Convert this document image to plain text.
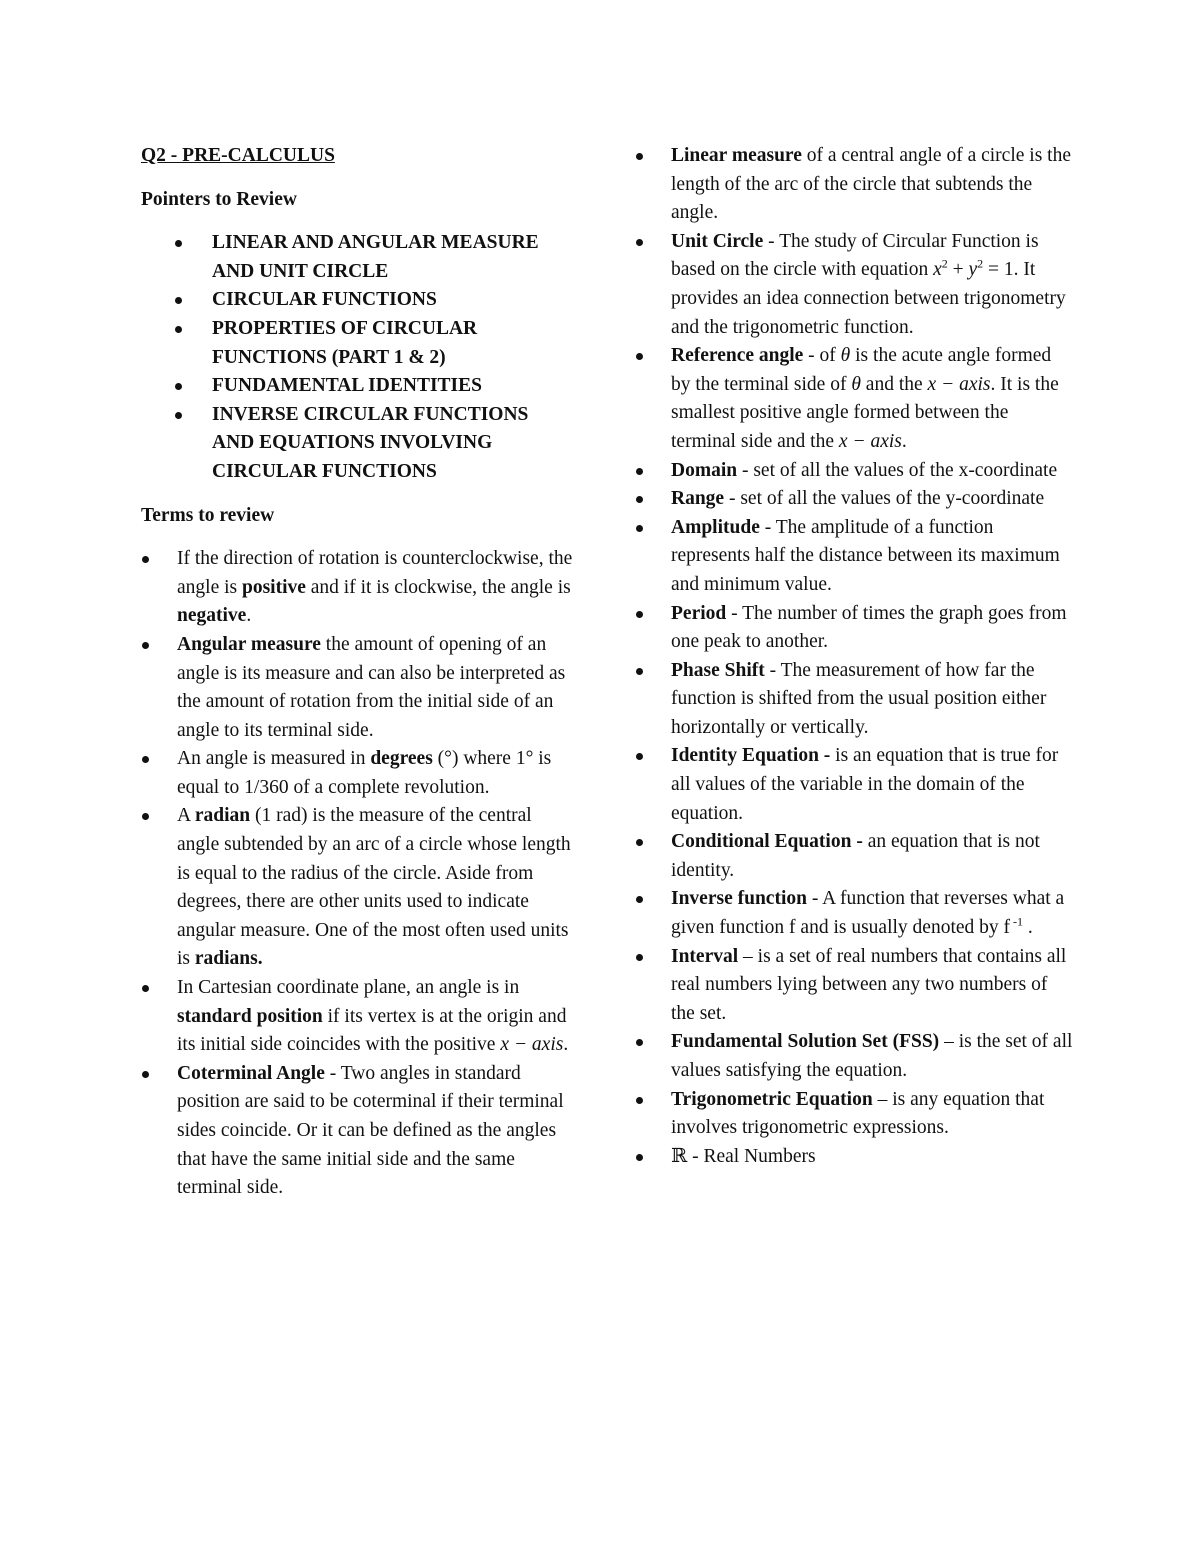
Q2 - PRE-CALCULUS

Pointers to Review

LINEAR AND ANGULAR MEASURE AND UNIT CIRCLE
CIRCULAR FUNCTIONS
PROPERTIES OF CIRCULAR FUNCTIONS (PART 1 & 2)
FUNDAMENTAL IDENTITIES
INVERSE CIRCULAR FUNCTIONS AND EQUATIONS INVOLVING CIRCULAR FUNCTIONS

Terms to review

If the direction of rotation is counterclockwise, the angle is positive and if it is clockwise, the angle is negative.
Angular measure the amount of opening of an angle is its measure and can also be interpreted as the amount of rotation from the initial side of an angle to its terminal side.
An angle is measured in degrees (°) where 1° is equal to 1/360 of a complete revolution.
A radian (1 rad) is the measure of the central angle subtended by an arc of a circle whose length is equal to the radius of the circle. Aside from degrees, there are other units used to indicate angular measure. One of the most often used units is radians.
In Cartesian coordinate plane, an angle is in standard position if its vertex is at the origin and its initial side coincides with the positive x − axis.
Coterminal Angle - Two angles in standard position are said to be coterminal if their terminal sides coincide. Or it can be defined as the angles that have the same initial side and the same terminal side.
Linear measure of a central angle of a circle is the length of the arc of the circle that subtends the angle.
Unit Circle - The study of Circular Function is based on the circle with equation $x^2 + y^2 = 1$. It provides an idea connection between trigonometry and the trigonometric function.
Reference angle - of θ is the acute angle formed by the terminal side of θ and the x − axis. It is the smallest positive angle formed between the terminal side and the x − axis.
Domain - set of all the values of the x-coordinate
Range - set of all the values of the y-coordinate
Amplitude - The amplitude of a function represents half the distance between its maximum and minimum value.
Period - The number of times the graph goes from one peak to another.
Phase Shift - The measurement of how far the function is shifted from the usual position either horizontally or vertically.
Identity Equation - is an equation that is true for all values of the variable in the domain of the equation.
Conditional Equation - an equation that is not identity.
Inverse function - A function that reverses what a given function f and is usually denoted by f $^{-1}$ .
Interval – is a set of real numbers that contains all real numbers lying between any two numbers of the set.
Fundamental Solution Set (FSS) – is the set of all values satisfying the equation.
Trigonometric Equation – is any equation that involves trigonometric expressions.
ℝ - Real Numbers
